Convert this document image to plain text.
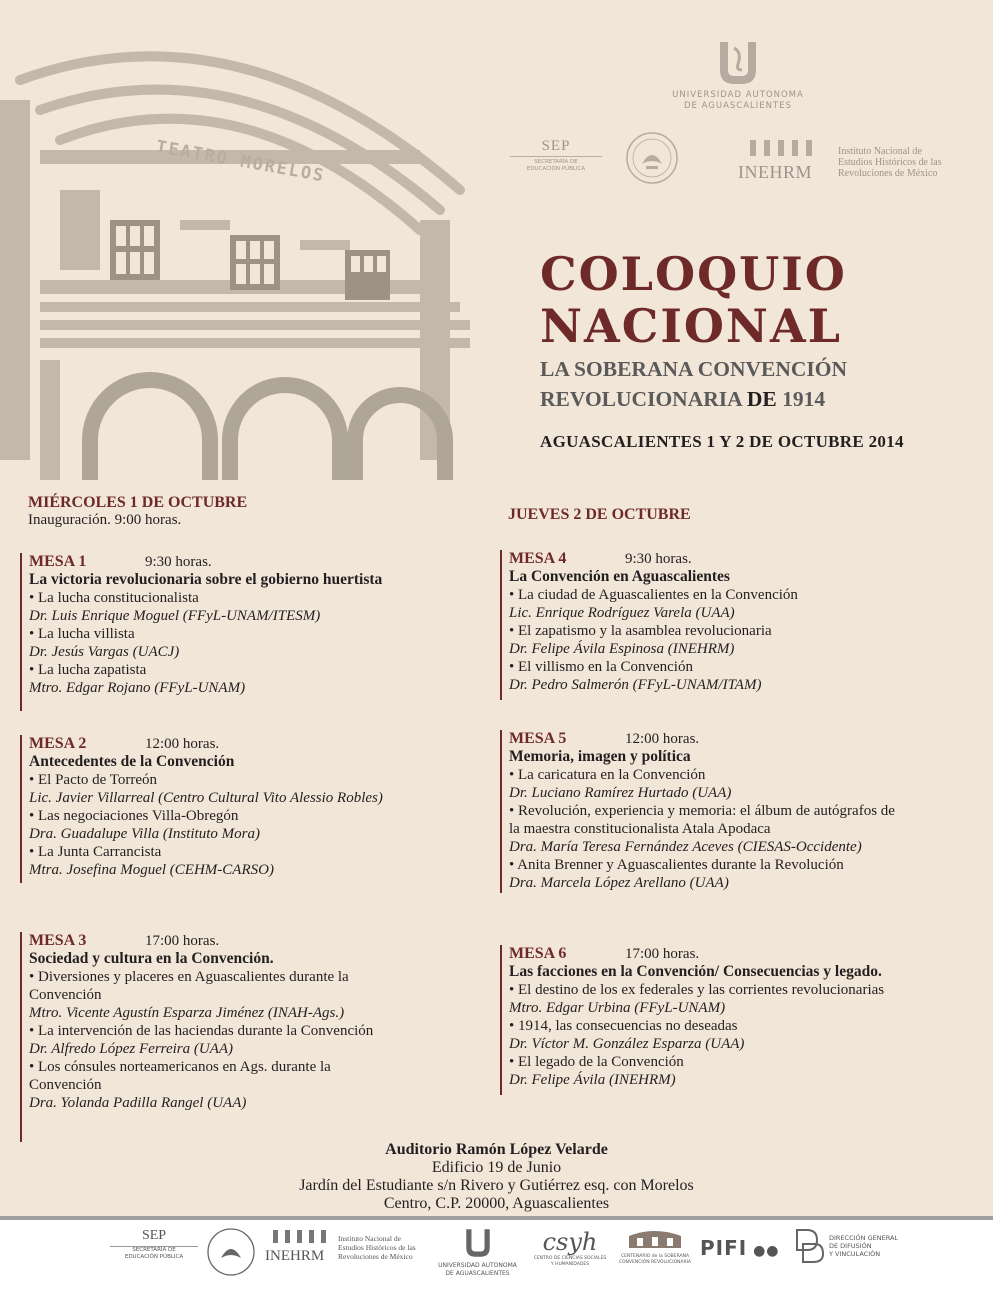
TEATRO MORELOS
UNIVERSIDAD AUTONOMA
DE AGUASCALIENTES
SEP
SECRETARÍA DE
EDUCACIÓN PÚBLICA	INEHRM
Instituto Nacional de
Estudios Históricos de las
Revoluciones de México
COLOQUIO
NACIONAL
LA SOBERANA CONVENCIÓN
REVOLUCIONARIA DE 1914
AGUASCALIENTES 1 Y 2 DE OCTUBRE 2014
MIÉRCOLES 1 DE OCTUBRE
Inauguración. 9:00 horas.	JUEVES 2 DE OCTUBRE
MESA 1	9:30 horas.
La victoria revolucionaria sobre el gobierno huertista
• La lucha constitucionalista
Dr. Luis Enrique Moguel (FFyL-UNAM/ITESM)
• La lucha villista
Dr. Jesús Vargas (UACJ)
• La lucha zapatista
Mtro. Edgar Rojano (FFyL-UNAM)
MESA 2	12:00 horas.
Antecedentes de la Convención
• El Pacto de Torreón
Lic. Javier Villarreal (Centro Cultural Vito Alessio Robles)
• Las negociaciones Villa-Obregón
Dra. Guadalupe Villa (Instituto Mora)
• La Junta Carrancista
Mtra. Josefina Moguel (CEHM-CARSO)
MESA 3	17:00 horas.
Sociedad y cultura en la Convención.
• Diversiones y placeres en Aguascalientes durante la
Convención
Mtro. Vicente Agustín Esparza Jiménez (INAH-Ags.)
• La intervención de las haciendas durante la Convención
Dr. Alfredo López Ferreira (UAA)
• Los cónsules norteamericanos en Ags. durante la
Convención
Dra. Yolanda Padilla Rangel (UAA)
MESA 4	9:30 horas.
La Convención en Aguascalientes
• La ciudad de Aguascalientes en la Convención
Lic. Enrique Rodríguez Varela (UAA)
• El zapatismo y la asamblea revolucionaria
Dr. Felipe Ávila Espinosa (INEHRM)
• El villismo en la Convención
Dr. Pedro Salmerón (FFyL-UNAM/ITAM)
MESA 5	12:00 horas.
Memoria, imagen y política
• La caricatura en la Convención
Dr. Luciano Ramírez Hurtado (UAA)
• Revolución, experiencia y memoria: el álbum de autógrafos de
la maestra constitucionalista Atala Apodaca
Dra. María Teresa Fernández Aceves (CIESAS-Occidente)
• Anita Brenner y Aguascalientes durante la Revolución
Dra. Marcela López Arellano (UAA)
MESA 6	17:00 horas.
Las facciones en la Convención/ Consecuencias y legado.
• El destino de los ex federales y las corrientes revolucionarias
Mtro. Edgar Urbina (FFyL-UNAM)
• 1914, las consecuencias no deseadas
Dr. Víctor M. González Esparza (UAA)
• El legado de la Convención
Dr. Felipe Ávila (INEHRM)
Auditorio Ramón López Velarde
Edificio 19 de Junio
Jardín del Estudiante s/n Rivero y Gutiérrez esq. con Morelos
Centro, C.P. 20000, Aguascalientes
SEP
SECRETARÍA DE
EDUCACIÓN PÚBLICA	INEHRM
Instituto Nacional de
Estudios Históricos de las
Revoluciones de México
UNIVERSIDAD AUTONOMA
DE AGUASCALIENTES
csyh
CENTRO DE CIENCIAS SOCIALES
Y HUMANIDADES
CENTENARIO de la SOBERANA
CONVENCIÓN REVOLUCIONARIA
PIFI ●●
DIRECCIÓN GENERAL
DE DIFUSIÓN
Y VINCULACIÓN
